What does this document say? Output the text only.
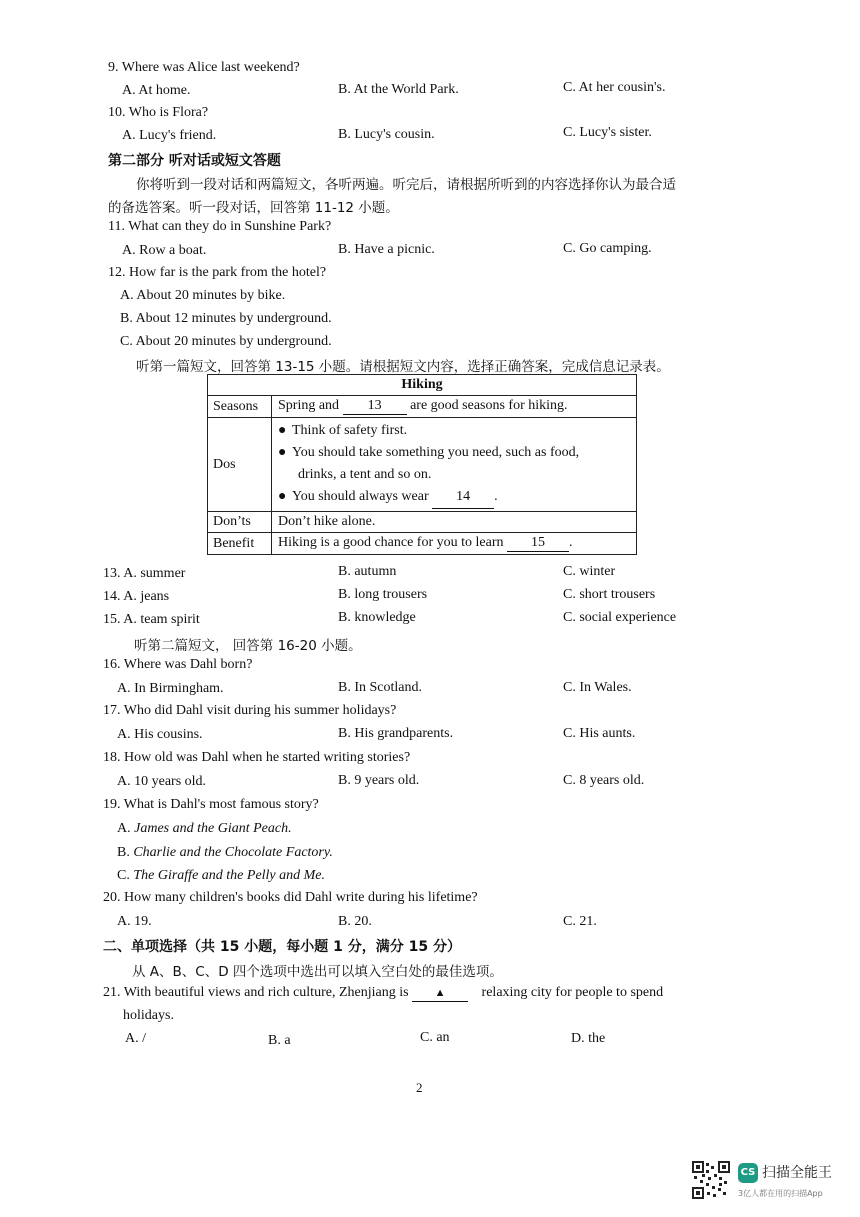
9. Where was Alice last weekend?
A. At home.	B. At the World Park.	C. At her cousin's.
10. Who is Flora?
A. Lucy's friend.	B. Lucy's cousin.	C. Lucy's sister.
第二部分 听对话或短文答题
你将听到一段对话和两篇短文，各听两遍。听完后，请根据所听到的内容选择你认为最合适
的备选答案。听一段对话，回答第 11-12 小题。
11. What can they do in Sunshine Park?
A. Row a boat.	B. Have a picnic.	C. Go camping.
12. How far is the park from the hotel?
A. About 20 minutes by bike.
B. About 12 minutes by underground.
C. About 20 minutes by underground.
听第一篇短文，回答第 13-15 小题。请根据短文内容，选择正确答案，完成信息记录表。
Hiking	
Seasons	Spring and 13 are good seasons for hiking.
Dos	● Think of safety first.
● You should take something you need, such as food,
drinks, a tent and so on.
● You should always wear 14 .

Don’ts	Don’t hike alone.
Benefit	Hiking is a good chance for you to learn 15 .
13. A. summer	B. autumn	C. winter
14. A. jeans	B. long trousers	C. short trousers
15. A. team spirit	B. knowledge	C. social experience
听第二篇短文， 回答第 16-20 小题。
16. Where was Dahl born?
A. In Birmingham.	B. In Scotland.	C. In Wales.
17. Who did Dahl visit during his summer holidays?
A. His cousins.	B. His grandparents.	C. His aunts.
18. How old was Dahl when he started writing stories?
A. 10 years old.	B. 9 years old.	C. 8 years old.
19. What is Dahl's most famous story?
A. James and the Giant Peach.
B. Charlie and the Chocolate Factory.
C. The Giraffe and the Pelly and Me.
20. How many children's books did Dahl write during his lifetime?
A. 19.	B. 20.	C. 21.
二、单项选择（共 15 小题，每小题 1 分，满分 15 分）
从 A、B、C、D 四个选项中选出可以填入空白处的最佳选项。
21. With beautiful views and rich culture, Zhenjiang is ▲	relaxing city for people to spend
holidays.
A. /	B. a	C. an	D. the
2
CS 扫描全能王
3亿人都在用的扫描App
